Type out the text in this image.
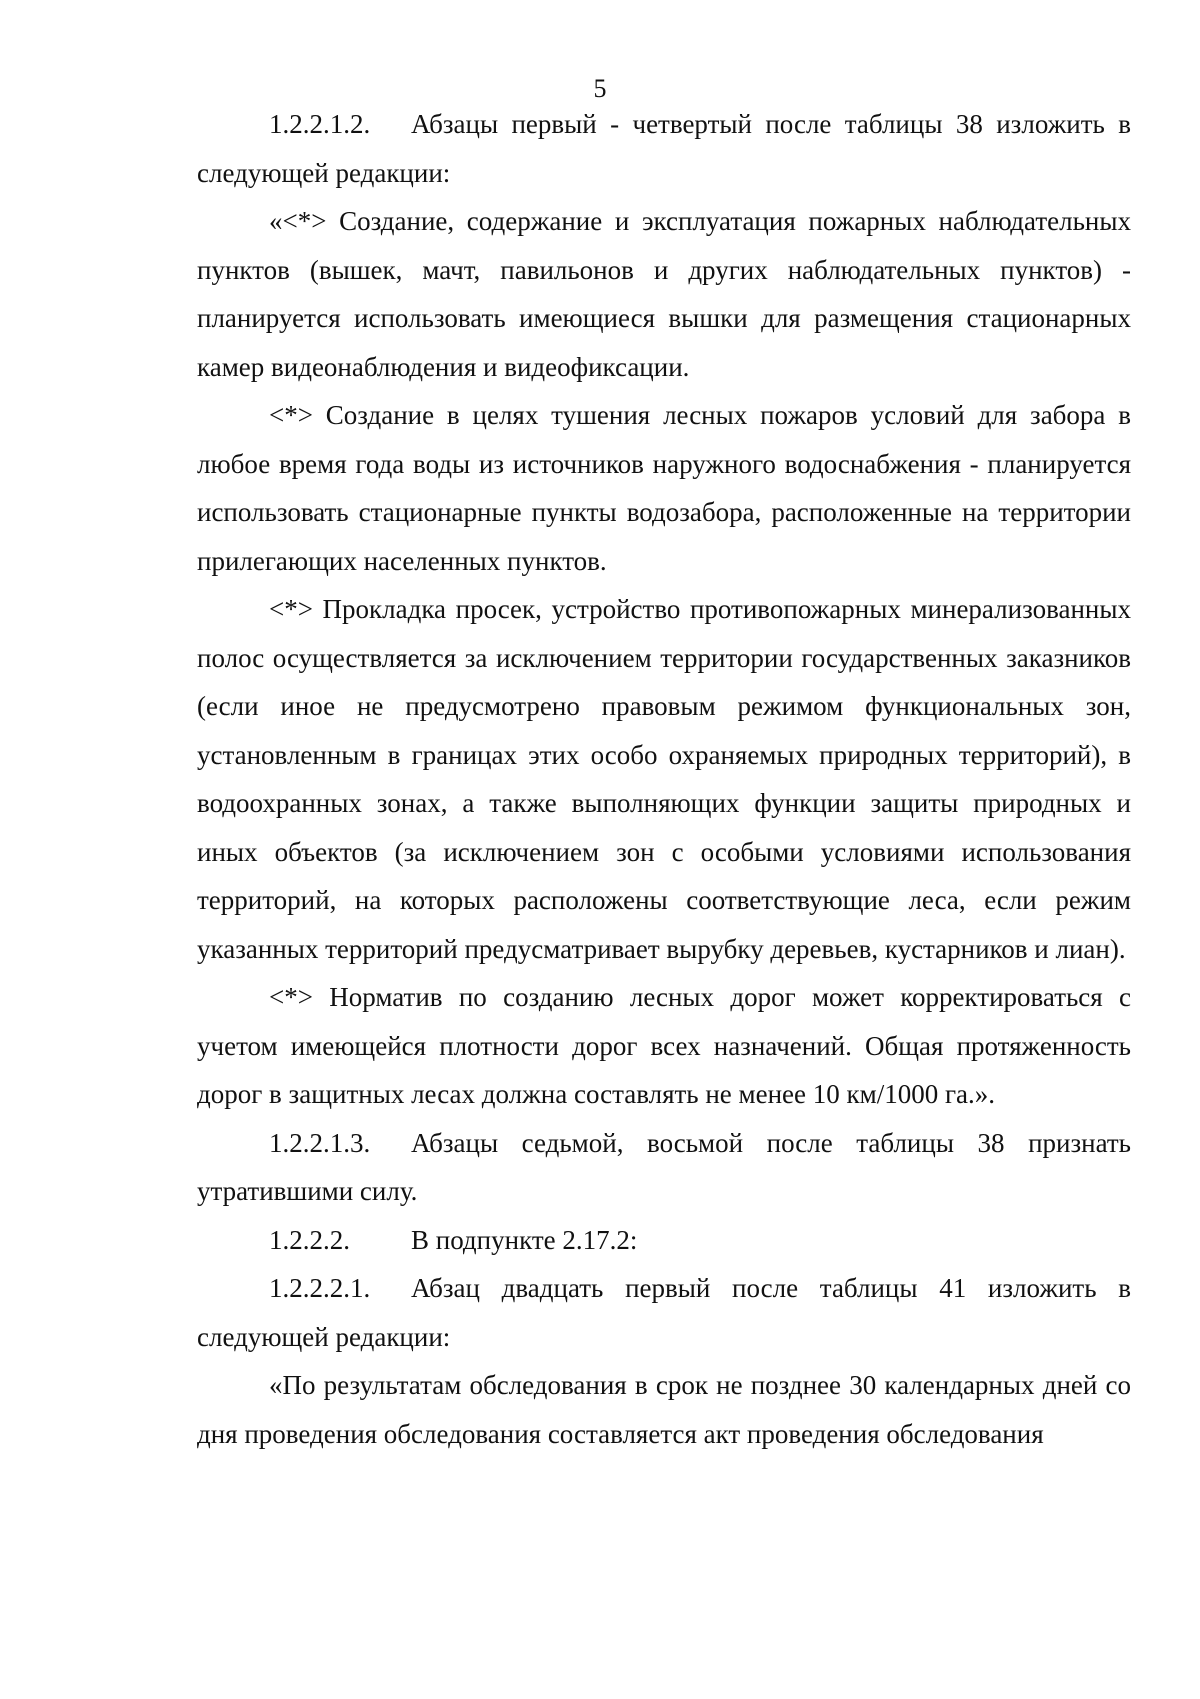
5

1.2.2.1.2. Абзацы первый - четвертый после таблицы 38 изложить в следующей редакции:

«<*> Создание, содержание и эксплуатация пожарных наблюдательных пунктов (вышек, мачт, павильонов и других наблюдательных пунктов) - планируется использовать имеющиеся вышки для размещения стационарных камер видеонаблюдения и видеофиксации.

<*> Создание в целях тушения лесных пожаров условий для забора в любое время года воды из источников наружного водоснабжения - планируется использовать стационарные пункты водозабора, расположенные на территории прилегающих населенных пунктов.

<*> Прокладка просек, устройство противопожарных минерализованных полос осуществляется за исключением территории государственных заказников (если иное не предусмотрено правовым режимом функциональных зон, установленным в границах этих особо охраняемых природных территорий), в водоохранных зонах, а также выполняющих функции защиты природных и иных объектов (за исключением зон с особыми условиями использования территорий, на которых расположены соответствующие леса, если режим указанных территорий предусматривает вырубку деревьев, кустарников и лиан).

<*> Норматив по созданию лесных дорог может корректироваться с учетом имеющейся плотности дорог всех назначений. Общая протяженность дорог в защитных лесах должна составлять не менее 10 км/1000 га.».

1.2.2.1.3. Абзацы седьмой, восьмой после таблицы 38 признать утратившими силу.

1.2.2.2. В подпункте 2.17.2:

1.2.2.2.1. Абзац двадцать первый после таблицы 41 изложить в следующей редакции:

«По результатам обследования в срок не позднее 30 календарных дней со дня проведения обследования составляется акт проведения обследования
